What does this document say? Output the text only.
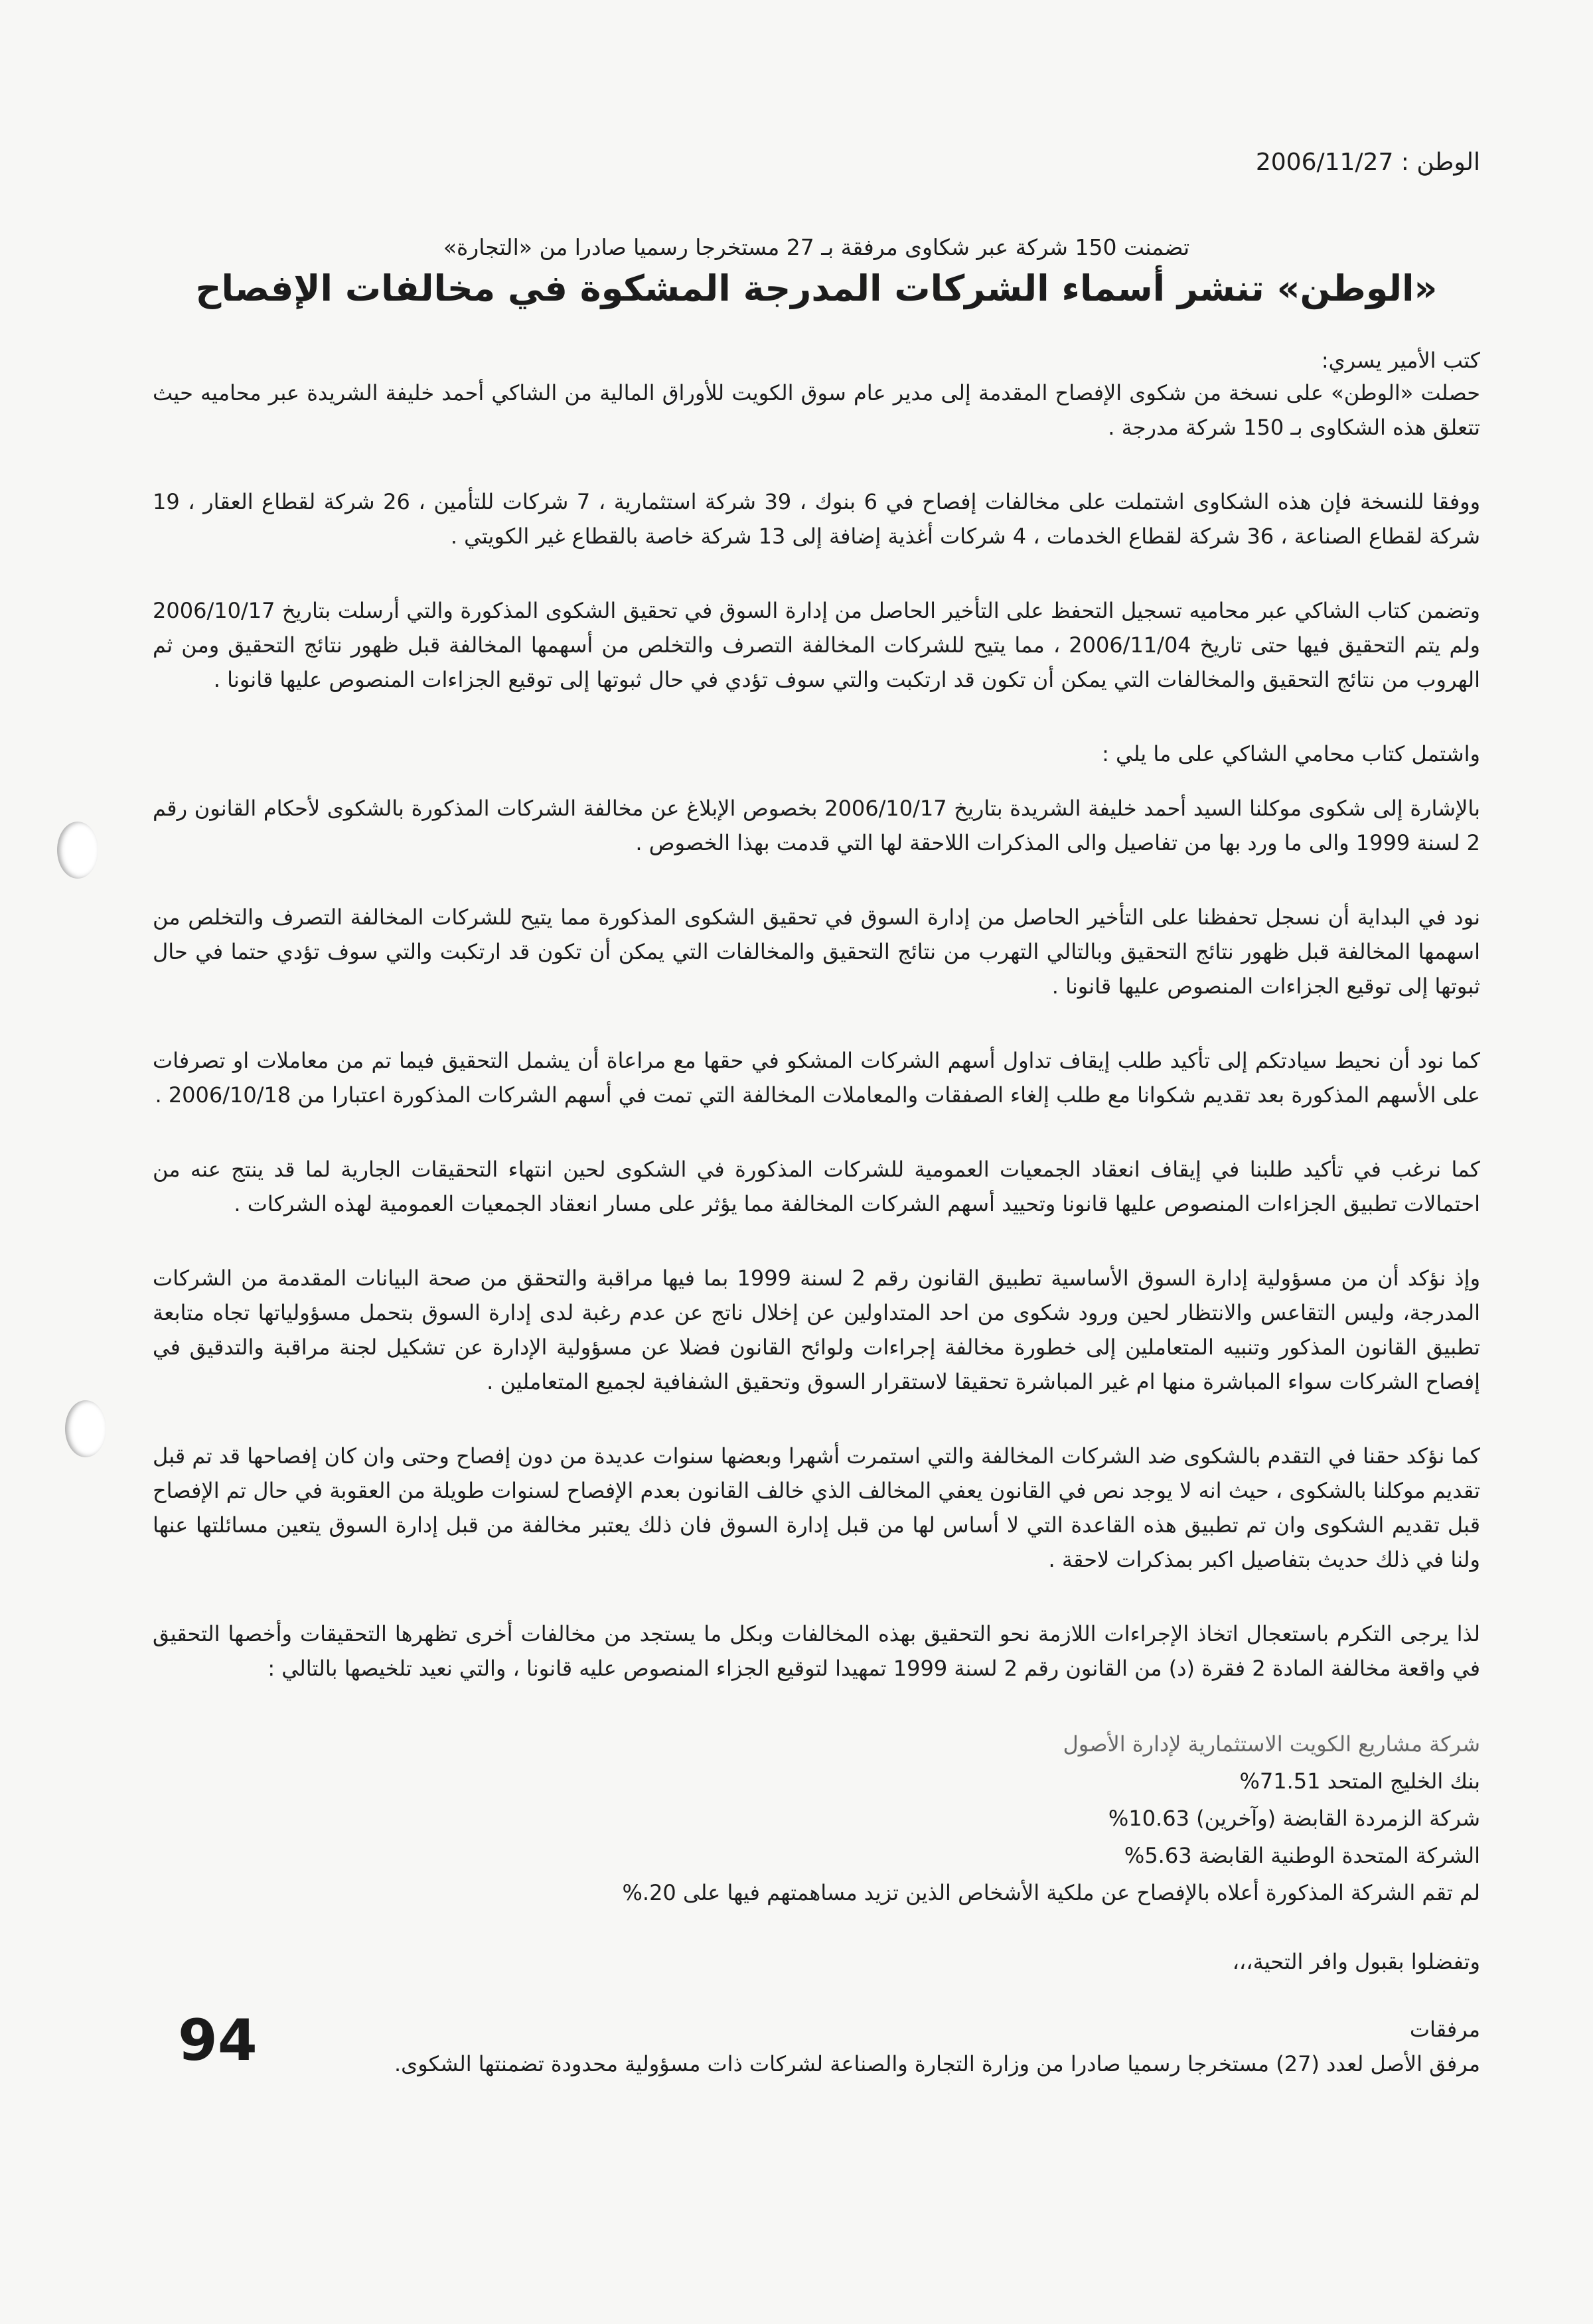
الوطن : 2006/11/27

تضمنت 150 شركة عبر شكاوى مرفقة بـ 27 مستخرجا رسميا صادرا من «التجارة»

«الوطن» تنشر أسماء الشركات المدرجة المشكوة في مخالفات الإفصاح

كتب الأمير يسري:

حصلت «الوطن» على نسخة من شكوى الإفصاح المقدمة إلى مدير عام سوق الكويت للأوراق المالية من الشاكي أحمد خليفة الشريدة عبر محاميه حيث تتعلق هذه الشكاوى بـ 150 شركة مدرجة .

ووفقا للنسخة فإن هذه الشكاوى اشتملت على مخالفات إفصاح في 6 بنوك ، 39 شركة استثمارية ، 7 شركات للتأمين ، 26 شركة لقطاع العقار ، 19 شركة لقطاع الصناعة ، 36 شركة لقطاع الخدمات ، 4 شركات أغذية إضافة إلى 13 شركة خاصة بالقطاع غير الكويتي .

وتضمن كتاب الشاكي عبر محاميه تسجيل التحفظ على التأخير الحاصل من إدارة السوق في تحقيق الشكوى المذكورة والتي أرسلت بتاريخ 2006/10/17 ولم يتم التحقيق فيها حتى تاريخ 2006/11/04 ، مما يتيح للشركات المخالفة التصرف والتخلص من أسهمها المخالفة قبل ظهور نتائج التحقيق ومن ثم الهروب من نتائج التحقيق والمخالفات التي يمكن أن تكون قد ارتكبت والتي سوف تؤدي في حال ثبوتها إلى توقيع الجزاءات المنصوص عليها قانونا .

واشتمل كتاب محامي الشاكي على ما يلي :

بالإشارة إلى شكوى موكلنا السيد أحمد خليفة الشريدة بتاريخ 2006/10/17 بخصوص الإبلاغ عن مخالفة الشركات المذكورة بالشكوى لأحكام القانون رقم 2 لسنة 1999 والى ما ورد بها من تفاصيل والى المذكرات اللاحقة لها التي قدمت بهذا الخصوص .

نود في البداية أن نسجل تحفظنا على التأخير الحاصل من إدارة السوق في تحقيق الشكوى المذكورة مما يتيح للشركات المخالفة التصرف والتخلص من اسهمها المخالفة قبل ظهور نتائج التحقيق وبالتالي التهرب من نتائج التحقيق والمخالفات التي يمكن أن تكون قد ارتكبت والتي سوف تؤدي حتما في حال ثبوتها إلى توقيع الجزاءات المنصوص عليها قانونا .

كما نود أن نحيط سيادتكم إلى تأكيد طلب إيقاف تداول أسهم الشركات المشكو في حقها مع مراعاة أن يشمل التحقيق فيما تم من معاملات او تصرفات على الأسهم المذكورة بعد تقديم شكوانا مع طلب إلغاء الصفقات والمعاملات المخالفة التي تمت في أسهم الشركات المذكورة اعتبارا من 2006/10/18 .

كما نرغب في تأكيد طلبنا في إيقاف انعقاد الجمعيات العمومية للشركات المذكورة في الشكوى لحين انتهاء التحقيقات الجارية لما قد ينتج عنه من احتمالات تطبيق الجزاءات المنصوص عليها قانونا وتحييد أسهم الشركات المخالفة مما يؤثر على مسار انعقاد الجمعيات العمومية لهذه الشركات .

وإذ نؤكد أن من مسؤولية إدارة السوق الأساسية تطبيق القانون رقم 2 لسنة 1999 بما فيها مراقبة والتحقق من صحة البيانات المقدمة من الشركات المدرجة، وليس التقاعس والانتظار لحين ورود شكوى من احد المتداولين عن إخلال ناتج عن عدم رغبة لدى إدارة السوق بتحمل مسؤولياتها تجاه متابعة تطبيق القانون المذكور وتنبيه المتعاملين إلى خطورة مخالفة إجراءات ولوائح القانون فضلا عن مسؤولية الإدارة عن تشكيل لجنة مراقبة والتدقيق في إفصاح الشركات سواء المباشرة منها ام غير المباشرة تحقيقا لاستقرار السوق وتحقيق الشفافية لجميع المتعاملين .

كما نؤكد حقنا في التقدم بالشكوى ضد الشركات المخالفة والتي استمرت أشهرا وبعضها سنوات عديدة من دون إفصاح وحتى وان كان إفصاحها قد تم قبل تقديم موكلنا بالشكوى ، حيث انه لا يوجد نص في القانون يعفي المخالف الذي خالف القانون بعدم الإفصاح لسنوات طويلة من العقوبة في حال تم الإفصاح قبل تقديم الشكوى وان تم تطبيق هذه القاعدة التي لا أساس لها من قبل إدارة السوق فان ذلك يعتبر مخالفة من قبل إدارة السوق يتعين مسائلتها عنها ولنا في ذلك حديث بتفاصيل اكبر بمذكرات لاحقة .

لذا يرجى التكرم باستعجال اتخاذ الإجراءات اللازمة نحو التحقيق بهذه المخالفات وبكل ما يستجد من مخالفات أخرى تظهرها التحقيقات وأخصها التحقيق في واقعة مخالفة المادة 2 فقرة (د) من القانون رقم 2 لسنة 1999 تمهيدا لتوقيع الجزاء المنصوص عليه قانونا ، والتي نعيد تلخيصها بالتالي :

شركة مشاريع الكويت الاستثمارية لإدارة الأصول

بنك الخليج المتحد 71.51%

شركة الزمردة القابضة (وآخرين) 10.63%

الشركة المتحدة الوطنية القابضة 5.63%

لم تقم الشركة المذكورة أعلاه بالإفصاح عن ملكية الأشخاص الذين تزيد مساهمتهم فيها على 20.%

وتفضلوا بقبول وافر التحية،،،

مرفقات

مرفق الأصل لعدد (27) مستخرجا رسميا صادرا من وزارة التجارة والصناعة لشركات ذات مسؤولية محدودة تضمنتها الشكوى.

94
